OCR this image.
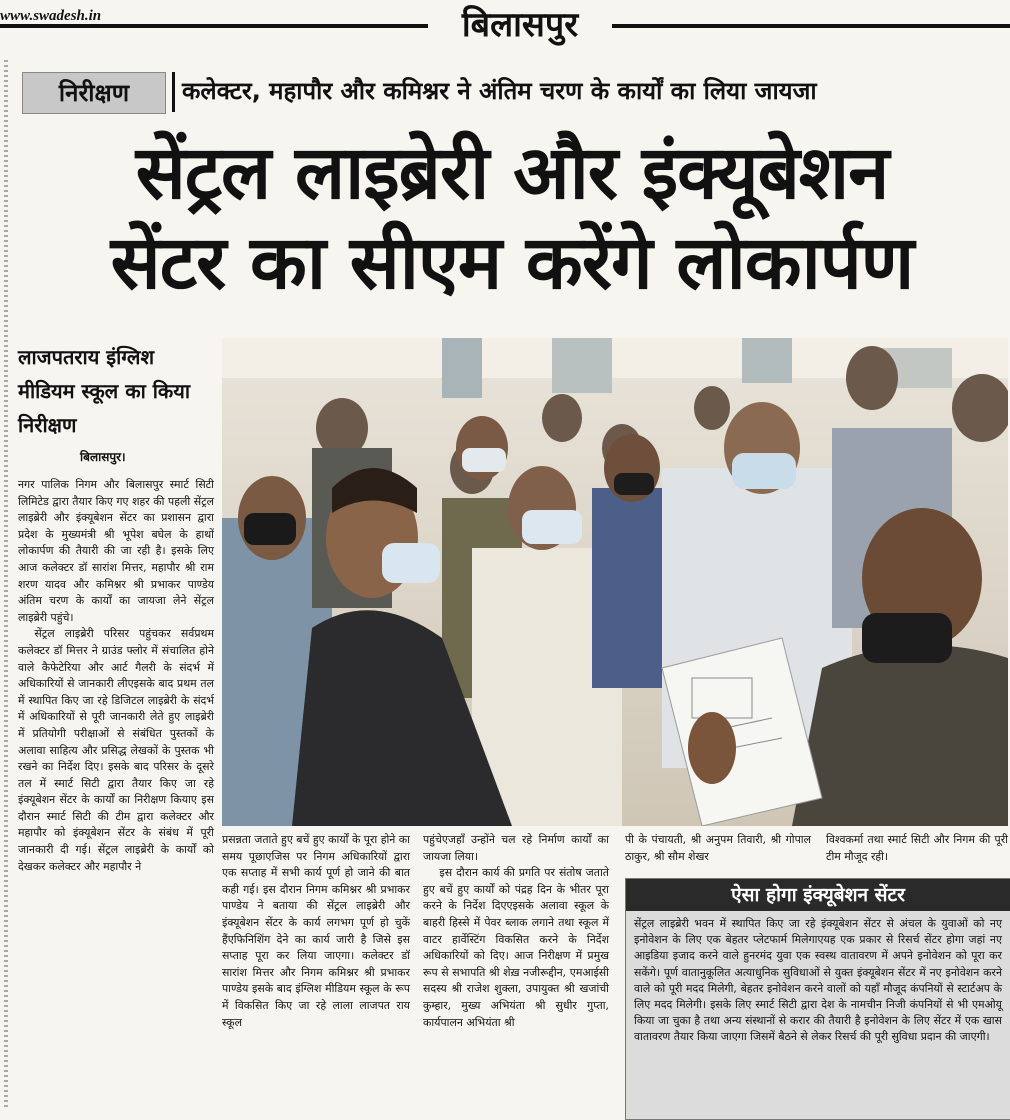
www.swadesh.in	बिलासपुर
निरीक्षण	कलेक्टर, महापौर और कमिश्नर ने अंतिम चरण के कार्यों का लिया जायजा
सेंट्रल लाइब्रेरी और इंक्यूबेशन
सेंटर का सीएम करेंगे लोकार्पण
लाजपतराय इंग्लिश मीडियम स्कूल का किया निरीक्षण
बिलासपुर।

नगर पालिक निगम और बिलासपुर स्मार्ट सिटी लिमिटेड द्वारा तैयार किए गए शहर की पहली सेंट्रल लाइब्रेरी और इंक्यूबेशन सेंटर का प्रशासन द्वारा प्रदेश के मुख्यमंत्री श्री भूपेश बघेल के हाथों लोकार्पण की तैयारी की जा रही है। इसके लिए आज कलेक्टर डॉ सारांश मित्तर, महापौर श्री राम शरण यादव और कमिश्नर श्री प्रभाकर पाण्डेय अंतिम चरण के कार्यों का जायजा लेने सेंट्रल लाइब्रेरी पहुंचे।

सेंट्रल लाइब्रेरी परिसर पहुंचकर सर्वप्रथम कलेक्टर डॉ मित्तर ने ग्राउंड फ्लोर में संचालित होने वाले कैफेटेरिया और आर्ट गैलरी के संदर्भ में अधिकारियों से जानकारी लीएइसके बाद प्रथम तल में स्थापित किए जा रहे डिजिटल लाइब्रेरी के संदर्भ में अधिकारियों से पूरी जानकारी लेते हुए लाइब्रेरी में प्रतियोगी परीक्षाओं से संबंधित पुस्तकों के अलावा साहित्य और प्रसिद्ध लेखकों के पुस्तक भी रखने का निर्देश दिए। इसके बाद परिसर के दूसरे तल में स्मार्ट सिटी द्वारा तैयार किए जा रहे इंक्यूबेशन सेंटर के कार्यों का निरीक्षण कियाए इस दौरान स्मार्ट सिटी की टीम द्वारा कलेक्टर और महापौर को इंक्यूबेशन सेंटर के संबंध में पूरी जानकारी दी गई। सेंट्रल लाइब्रेरी के कार्यों को देखकर कलेक्टर और महापौर ने

प्रसन्नता जताते हुए बचें हुए कार्यों के पूरा होने का समय पूछाएजिस पर निगम अधिकारियों द्वारा एक सप्ताह में सभी कार्य पूर्ण हो जाने की बात कही गई। इस दौरान निगम कमिश्नर श्री प्रभाकर पाण्डेय ने बताया की सेंट्रल लाइब्रेरी और इंक्यूबेशन सेंटर के कार्य लगभग पूर्ण हो चुकें हैंएफिनिशिंग देने का कार्य जारी है जिसे इस सप्ताह पूरा कर लिया जाएगा। कलेक्टर डॉ सारांश मित्तर और निगम कमिश्नर श्री प्रभाकर पाण्डेय इसके बाद इंग्लिश मीडियम स्कूल के रूप में विकसित किए जा रहे लाला लाजपत राय स्कूल

पहुंचेएजहाँ उन्होंने चल रहे निर्माण कार्यों का जायजा लिया।

इस दौरान कार्य की प्रगति पर संतोष जताते हुए बचें हुए कार्यों को पंद्रह दिन के भीतर पूरा करने के निर्देश दिएएइसके अलावा स्कूल के बाहरी हिस्से में पेवर ब्लाक लगाने तथा स्कूल में वाटर हार्वेस्टिंग विकसित करने के निर्देश अधिकारियों को दिए। आज निरीक्षण में प्रमुख रूप से सभापति श्री शेख़ नजीरूद्दीन, एमआईसी सदस्य श्री राजेश शुक्ला, उपायुक्त श्री खजांची कुम्हार, मुख्य अभियंता श्री सुधीर गुप्ता, कार्यपालन अभियंता श्री

पी के पंचायती, श्री अनुपम तिवारी, श्री गोपाल ठाकुर, श्री सौम शेखर

विश्वकर्मा तथा स्मार्ट सिटी और निगम की पूरी टीम मौजूद रही।

ऐसा होगा इंक्यूबेशन सेंटर

सेंट्रल लाइब्रेरी भवन में स्थापित किए जा रहे इंक्यूबेशन सेंटर से अंचल के युवाओं को नए इनोवेशन के लिए एक बेहतर प्लेटफार्म मिलेगाएयह एक प्रकार से रिसर्च सेंटर होगा जहां नए आइडिया इजाद करने वाले हुनरमंद युवा एक स्वस्थ वातावरण में अपने इनोवेशन को पूरा कर सकेंगे। पूर्ण वातानुकूलित अत्याधुनिक सुविधाओं से युक्त इंक्यूबेशन सेंटर में नए इनोवेशन करने वाले को पूरी मदद मिलेगी, बेहतर इनोवेशन करने वालों को यहाँ मौजूद कंपनियों से स्टार्टअप के लिए मदद मिलेगी। इसके लिए स्मार्ट सिटी द्वारा देश के नामचीन निजी कंपनियों से भी एमओयू किया जा चुका है तथा अन्य संस्थानों से करार की तैयारी है इनोवेशन के लिए सेंटर में एक खास वातावरण तैयार किया जाएगा जिसमें बैठने से लेकर रिसर्च की पूरी सुविधा प्रदान की जाएगी।
